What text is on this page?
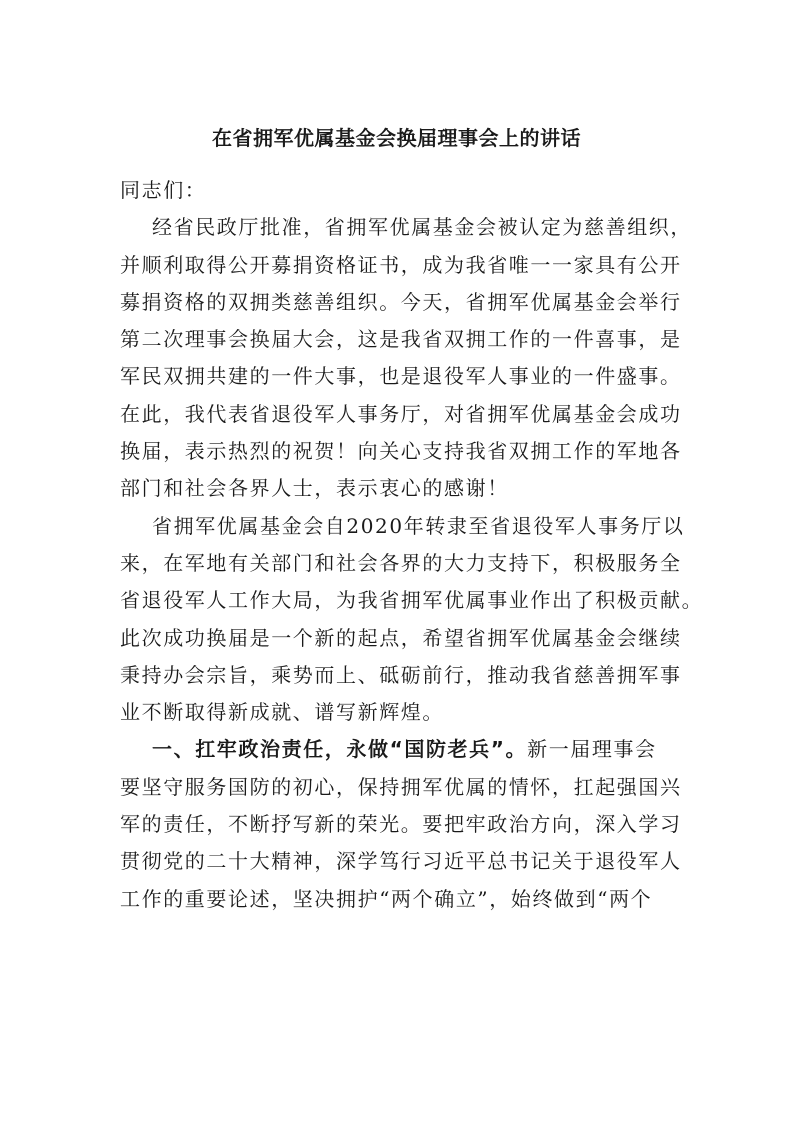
在省拥军优属基金会换届理事会上的讲话
同志们：
经省民政厅批准，省拥军优属基金会被认定为慈善组织，
并顺利取得公开募捐资格证书，成为我省唯一一家具有公开
募捐资格的双拥类慈善组织。今天，省拥军优属基金会举行
第二次理事会换届大会，这是我省双拥工作的一件喜事，是
军民双拥共建的一件大事，也是退役军人事业的一件盛事。
在此，我代表省退役军人事务厅，对省拥军优属基金会成功
换届，表示热烈的祝贺！向关心支持我省双拥工作的军地各
部门和社会各界人士，表示衷心的感谢！
省拥军优属基金会自2020年转隶至省退役军人事务厅以
来，在军地有关部门和社会各界的大力支持下，积极服务全
省退役军人工作大局，为我省拥军优属事业作出了积极贡献。
此次成功换届是一个新的起点，希望省拥军优属基金会继续
秉持办会宗旨，乘势而上、砥砺前行，推动我省慈善拥军事
业不断取得新成就、谱写新辉煌。
一、扛牢政治责任，永做“国防老兵”。新一届理事会
要坚守服务国防的初心，保持拥军优属的情怀，扛起强国兴
军的责任，不断抒写新的荣光。要把牢政治方向，深入学习
贯彻党的二十大精神，深学笃行习近平总书记关于退役军人
工作的重要论述，坚决拥护“两个确立”，始终做到“两个
